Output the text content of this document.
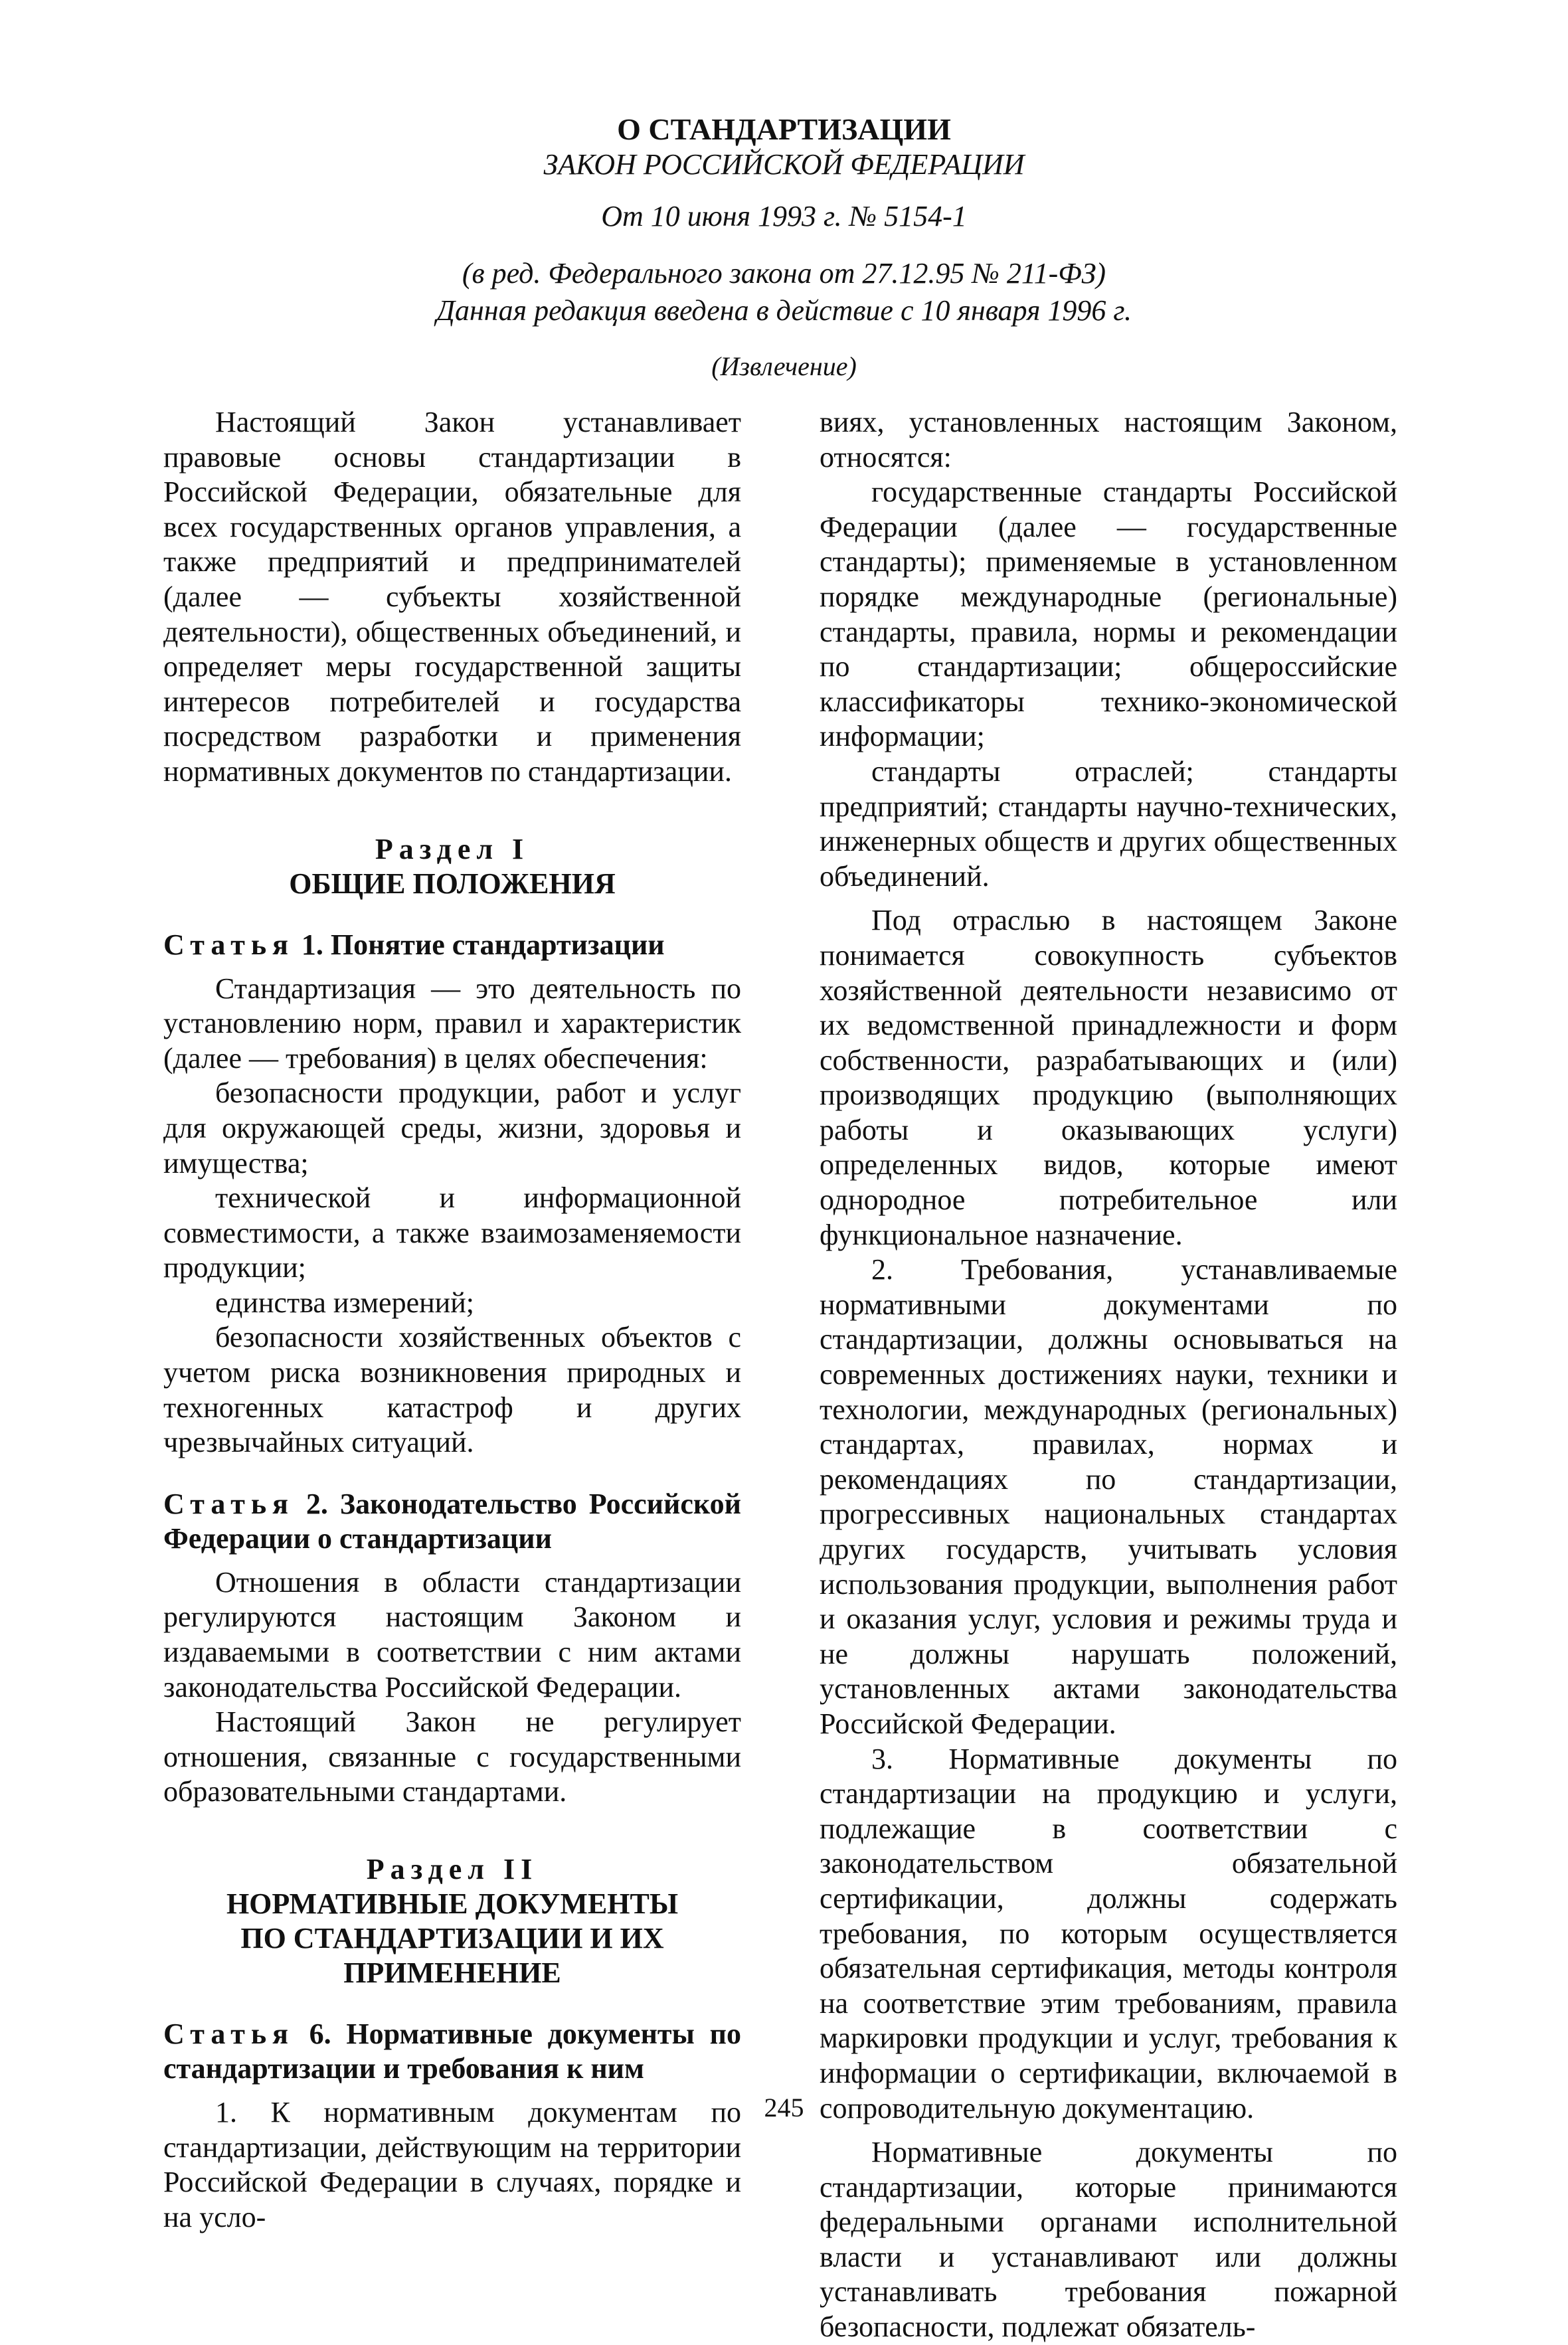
О СТАНДАРТИЗАЦИИ
ЗАКОН РОССИЙСКОЙ ФЕДЕРАЦИИ
От 10 июня 1993 г. № 5154-1
(в ред. Федерального закона от 27.12.95 № 211-ФЗ)
Данная редакция введена в действие с 10 января 1996 г.
(Извлечение)

Настоящий Закон устанавливает правовые основы стандартизации в Российской Федерации, обязательные для всех государственных органов управления, а также предприятий и предпринимателей (далее — субъекты хозяйственной деятельности), общественных объединений, и определяет меры государственной защиты интересов потребителей и государства посредством разработки и применения нормативных документов по стандартизации.

Раздел I
ОБЩИЕ ПОЛОЖЕНИЯ
Статья 1. Понятие стандартизации

Стандартизация — это деятельность по установлению норм, правил и характеристик (далее — требования) в целях обеспечения:

безопасности продукции, работ и услуг для окружающей среды, жизни, здоровья и имущества;

технической и информационной совместимости, а также взаимозаменяемости продукции;

единства измерений;

безопасности хозяйственных объектов с учетом риска возникновения природных и техногенных катастроф и других чрезвычайных ситуаций.

Статья 2. Законодательство Российской Федерации о стандартизации

Отношения в области стандартизации регулируются настоящим Законом и издаваемыми в соответствии с ним актами законодательства Российской Федерации.

Настоящий Закон не регулирует отношения, связанные с государственными образовательными стандартами.

Раздел II
НОРМАТИВНЫЕ ДОКУМЕНТЫ
ПО СТАНДАРТИЗАЦИИ И ИХ ПРИМЕНЕНИЕ
Статья 6. Нормативные документы по стандартизации и требования к ним

1. К нормативным документам по стандартизации, действующим на территории Российской Федерации в случаях, порядке и на усло-

виях, установленных настоящим Законом, относятся:

государственные стандарты Российской Федерации (далее — государственные стандарты); применяемые в установленном порядке международные (региональные) стандарты, правила, нормы и рекомендации по стандартизации; общероссийские классификаторы технико-экономической информации;

стандарты отраслей; стандарты предприятий; стандарты научно-технических, инженерных обществ и других общественных объединений.

Под отраслью в настоящем Законе понимается совокупность субъектов хозяйственной деятельности независимо от их ведомственной принадлежности и форм собственности, разрабатывающих и (или) производящих продукцию (выполняющих работы и оказывающих услуги) определенных видов, которые имеют однородное потребительное или функциональное назначение.

2. Требования, устанавливаемые нормативными документами по стандартизации, должны основываться на современных достижениях науки, техники и технологии, международных (региональных) стандартах, правилах, нормах и рекомендациях по стандартизации, прогрессивных национальных стандартах других государств, учитывать условия использования продукции, выполнения работ и оказания услуг, условия и режимы труда и не должны нарушать положений, установленных актами законодательства Российской Федерации.

3. Нормативные документы по стандартизации на продукцию и услуги, подлежащие в соответствии с законодательством обязательной сертификации, должны содержать требования, по которым осуществляется обязательная сертификация, методы контроля на соответствие этим требованиям, правила маркировки продукции и услуг, требования к информации о сертификации, включаемой в сопроводительную документацию.

Нормативные документы по стандартизации, которые принимаются федеральными органами исполнительной власти и устанавливают или должны устанавливать требования пожарной безопасности, подлежат обязатель-

245
